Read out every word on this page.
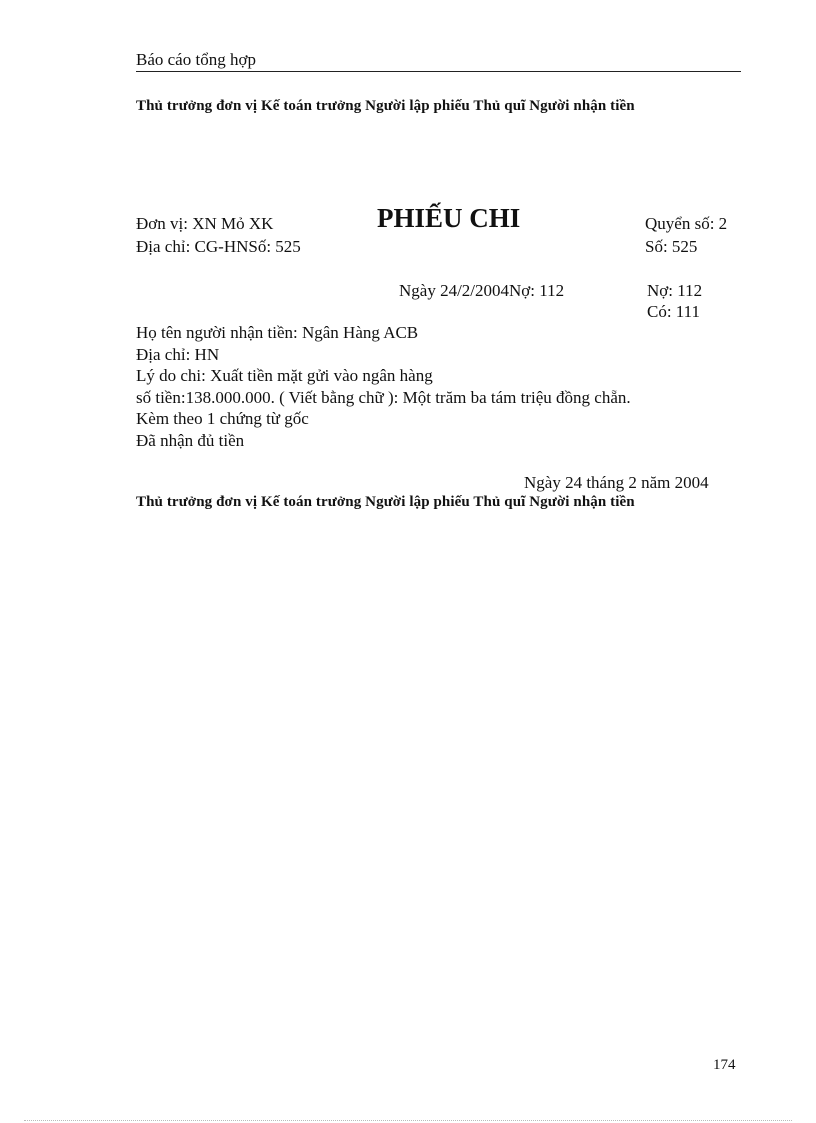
Báo cáo tổng hợp
Thủ trưởng đơn vị Kế toán trưởng Người lập phiếu Thủ quĩ Người nhận tiền
Đơn vị: XN Mỏ XK	PHIẾU CHI	Quyển số: 2
Địa chỉ: CG-HNSố: 525	Số: 525
Ngày 24/2/2004Nợ: 112	Nợ: 112
Có: 111
Họ tên người nhận tiền: Ngân Hàng ACB
Địa chỉ: HN
Lý do chi: Xuất tiền mặt gửi vào ngân hàng
số tiền:138.000.000. ( Viết bằng chữ ): Một trăm ba tám triệu đồng chẵn.
Kèm theo 1 chứng từ gốc
Đã nhận đủ tiền
Ngày 24 tháng 2 năm 2004
Thủ trưởng đơn vị Kế toán trưởng Người lập phiếu Thủ quĩ Người nhận tiền
174
